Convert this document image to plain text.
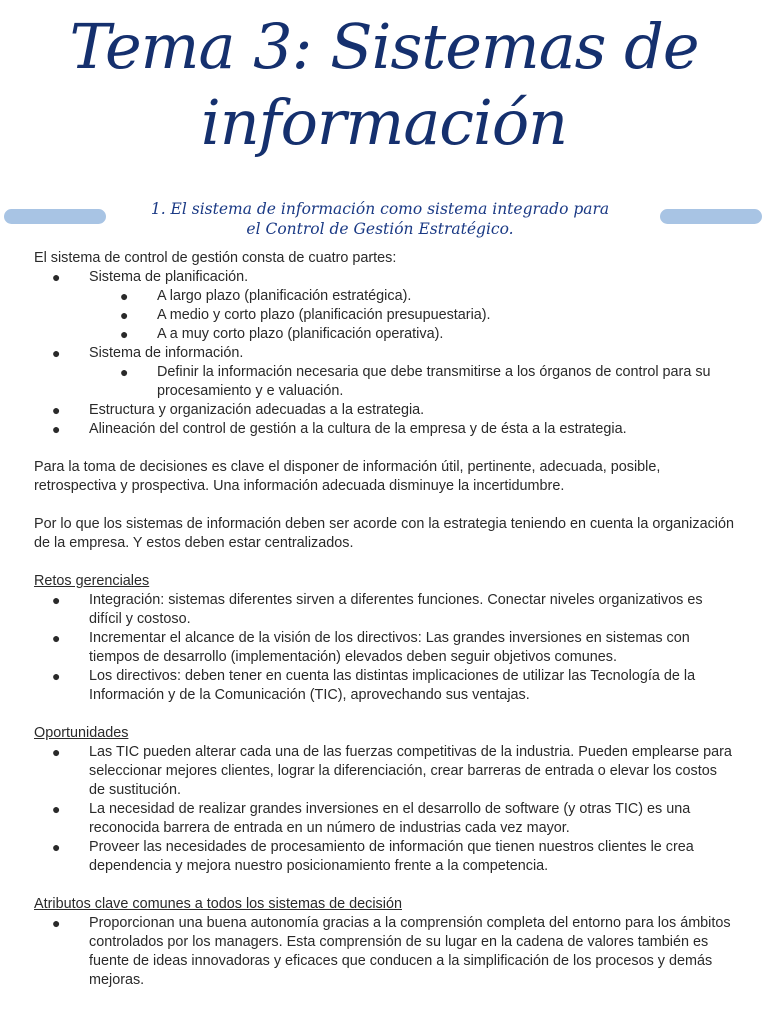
Tema 3: Sistemas de
información
1. El sistema de información como sistema integrado para
el Control de Gestión Estratégico.

El sistema de control de gestión consta de cuatro partes:

● Sistema de planificación.
● A largo plazo (planificación estratégica).
● A medio y corto plazo (planificación presupuestaria).
● A a muy corto plazo (planificación operativa).
● Sistema de información.
● Definir la información necesaria que debe transmitirse a los órganos de control para su procesamiento y e valuación.
● Estructura y organización adecuadas a la estrategia.
● Alineación del control de gestión a la cultura de la empresa y de ésta a la estrategia.

Para la toma de decisiones es clave el disponer de información útil, pertinente, adecuada, posible, retrospectiva y prospectiva. Una información adecuada disminuye la incertidumbre.

Por lo que los sistemas de información deben ser acorde con la estrategia teniendo en cuenta la organización de la empresa. Y estos deben estar centralizados.

Retos gerenciales

● Integración: sistemas diferentes sirven a diferentes funciones. Conectar niveles organizativos es difícil y costoso.
● Incrementar el alcance de la visión de los directivos: Las grandes inversiones en sistemas con tiempos de desarrollo (implementación) elevados deben seguir objetivos comunes.
● Los directivos: deben tener en cuenta las distintas implicaciones de utilizar las Tecnología de la Información y de la Comunicación (TIC), aprovechando sus ventajas.

Oportunidades

● Las TIC pueden alterar cada una de las fuerzas competitivas de la industria. Pueden emplearse para seleccionar mejores clientes, lograr la diferenciación, crear barreras de entrada o elevar los costos de sustitución.
● La necesidad de realizar grandes inversiones en el desarrollo de software (y otras TIC) es una reconocida barrera de entrada en un número de industrias cada vez mayor.
● Proveer las necesidades de procesamiento de información que tienen nuestros clientes le crea dependencia y mejora nuestro posicionamiento frente a la competencia.

Atributos clave comunes a todos los sistemas de decisión

● Proporcionan una buena autonomía gracias a la comprensión completa del entorno para los ámbitos controlados por los managers. Esta comprensión de su lugar en la cadena de valores también es fuente de ideas innovadoras y eficaces que conducen a la simplificación de los procesos y demás mejoras.
